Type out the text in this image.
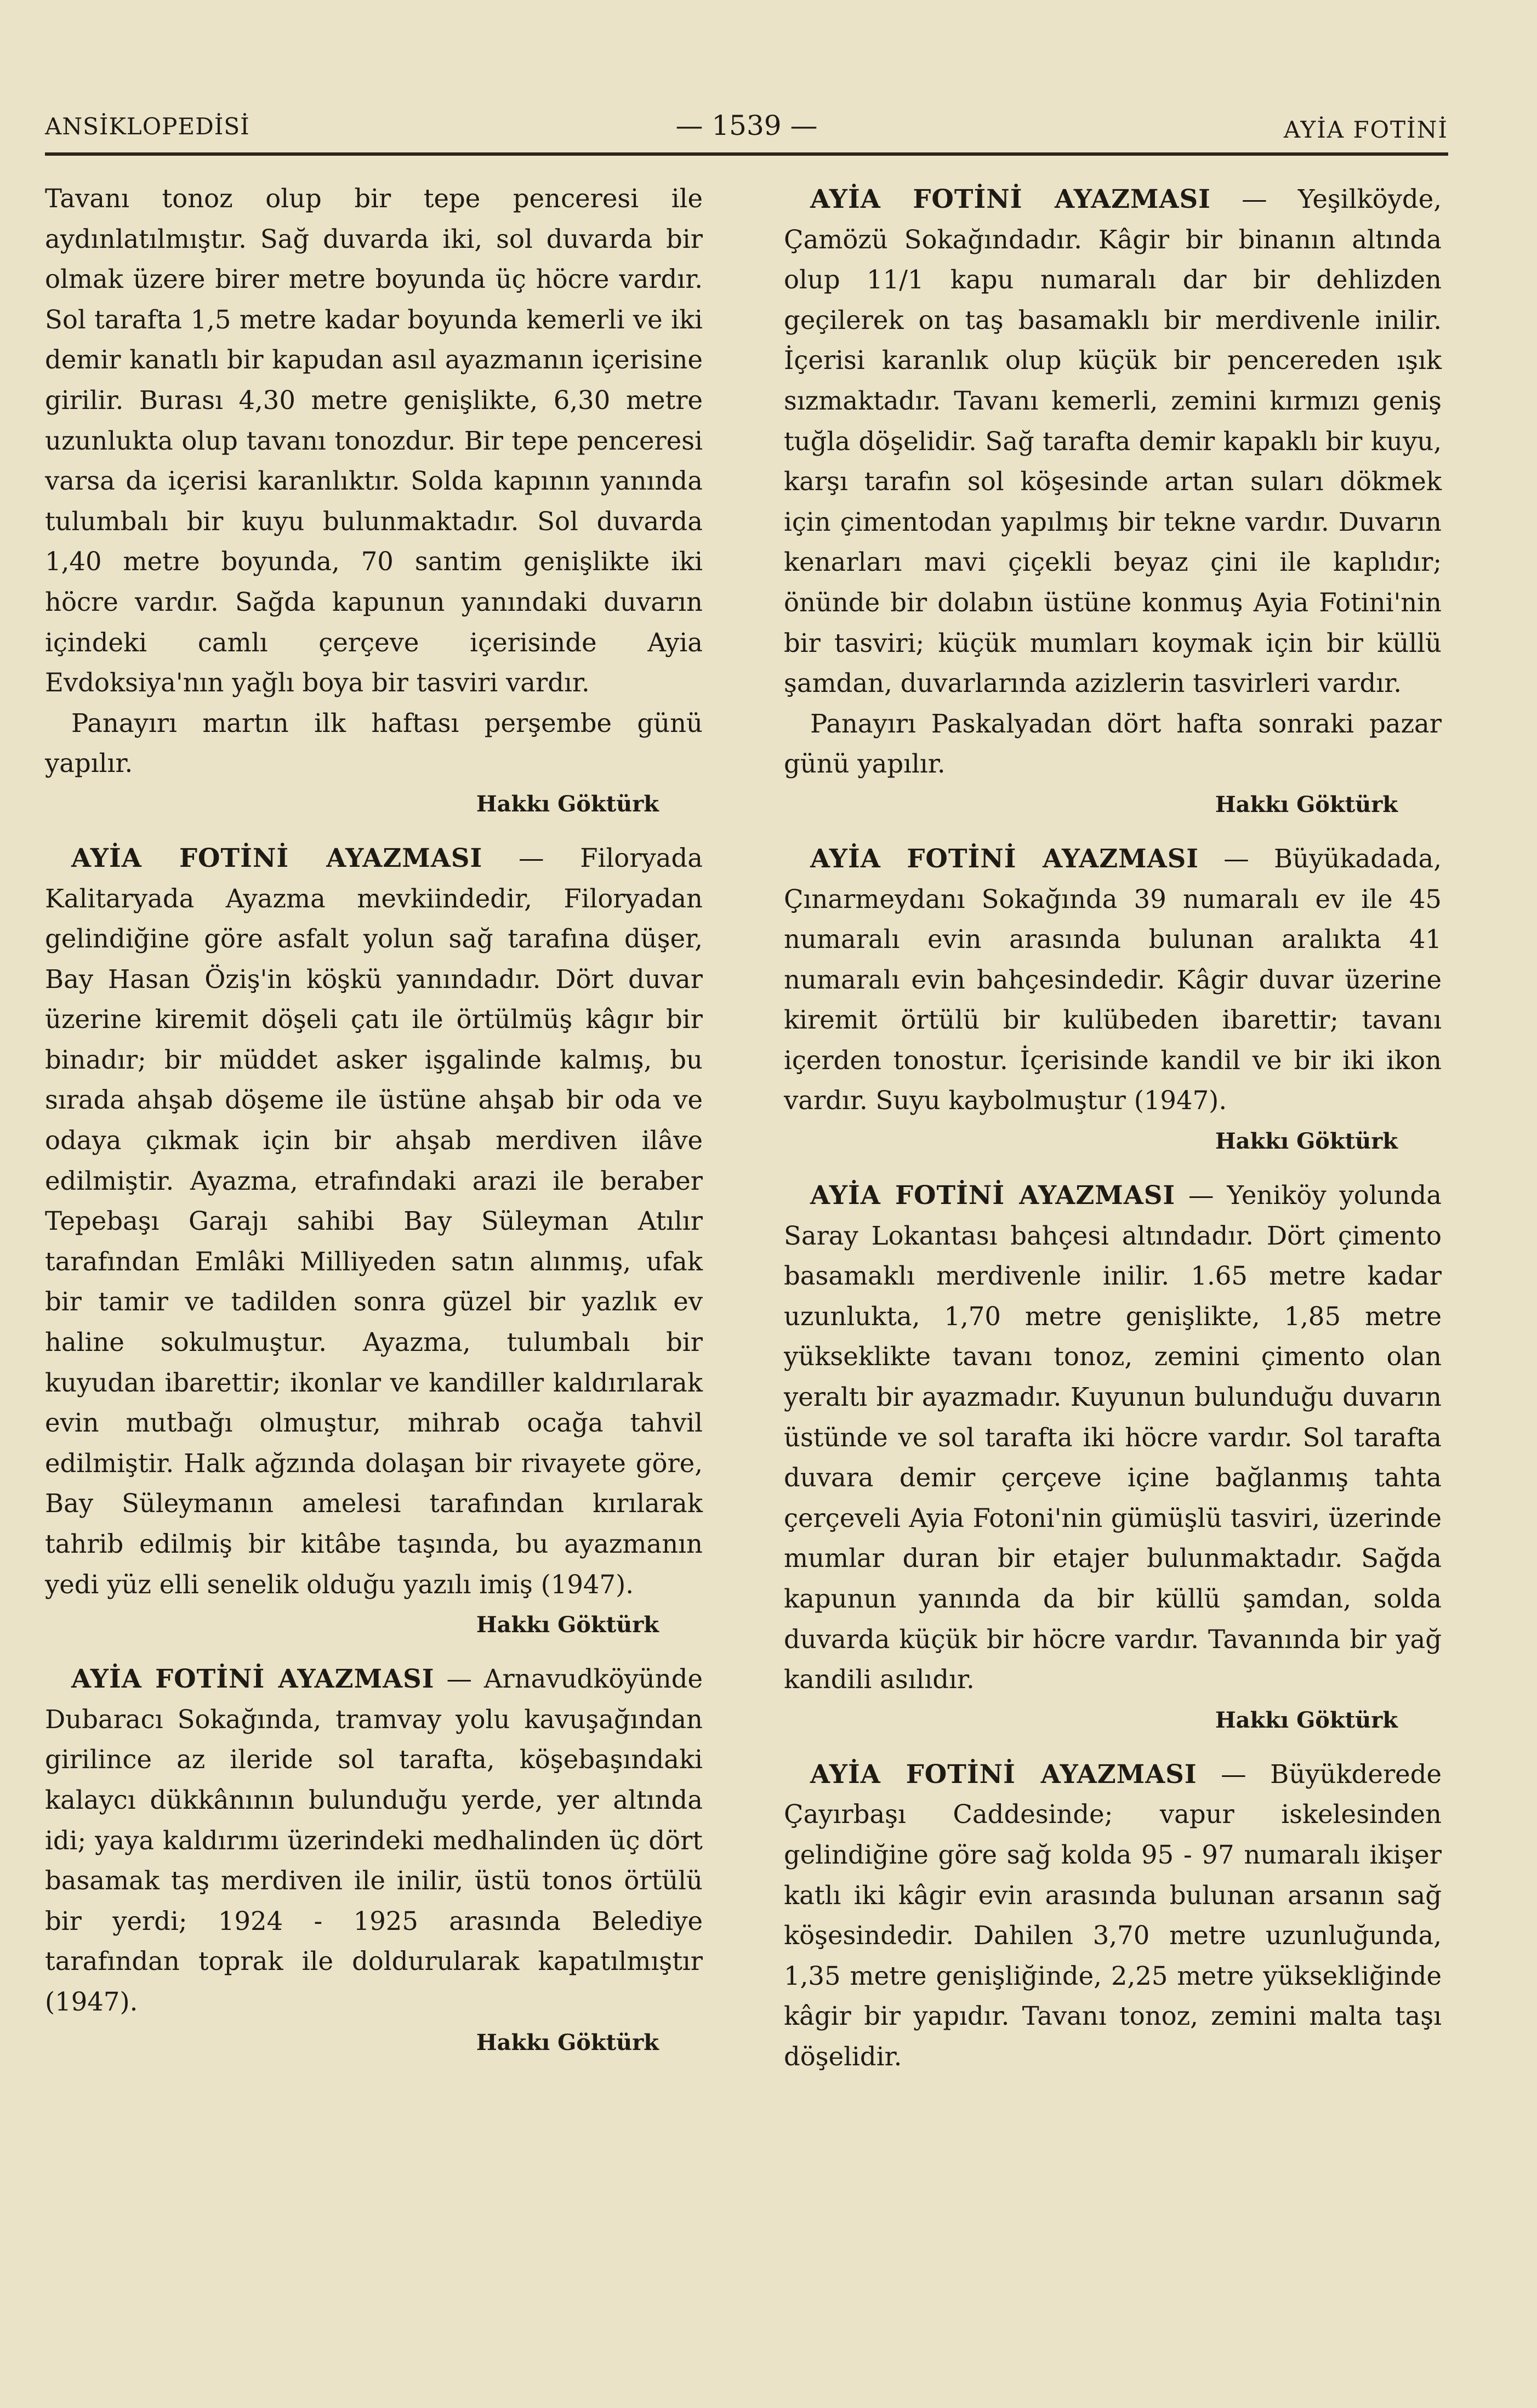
ANSİKLOPEDİSİ	— 1539 —	AYİA FOTİNİ

Tavanı tonoz olup bir tepe penceresi ile aydınlatılmıştır. Sağ duvarda iki, sol duvarda bir olmak üzere birer metre boyunda üç höcre vardır. Sol tarafta 1,5 metre kadar boyunda kemerli ve iki demir kanatlı bir kapudan asıl ayazmanın içerisine girilir. Burası 4,30 metre genişlikte, 6,30 metre uzunlukta olup tavanı tonozdur. Bir tepe penceresi varsa da içerisi karanlıktır. Solda kapının yanında tulumbalı bir kuyu bulunmaktadır. Sol duvarda 1,40 metre boyunda, 70 santim genişlikte iki höcre vardır. Sağda kapunun yanındaki duvarın içindeki camlı çerçeve içerisinde Ayia Evdoksiya'nın yağlı boya bir tasviri vardır.

Panayırı martın ilk haftası perşembe günü yapılır.

Hakkı Göktürk

AYİA FOTİNİ AYAZMASI — Filoryada Kalitaryada Ayazma mevkiindedir, Filoryadan gelindiğine göre asfalt yolun sağ tarafına düşer, Bay Hasan Öziş'in köşkü yanındadır. Dört duvar üzerine kiremit döşeli çatı ile örtülmüş kâgır bir binadır; bir müddet asker işgalinde kalmış, bu sırada ahşab döşeme ile üstüne ahşab bir oda ve odaya çıkmak için bir ahşab merdiven ilâve edilmiştir. Ayazma, etrafındaki arazi ile beraber Tepebaşı Garajı sahibi Bay Süleyman Atılır tarafından Emlâki Milliyeden satın alınmış, ufak bir tamir ve tadilden sonra güzel bir yazlık ev haline sokulmuştur. Ayazma, tulumbalı bir kuyudan ibarettir; ikonlar ve kandiller kaldırılarak evin mutbağı olmuştur, mihrab ocağa tahvil edilmiştir. Halk ağzında dolaşan bir rivayete göre, Bay Süleymanın amelesi tarafından kırılarak tahrib edilmiş bir kitâbe taşında, bu ayazmanın yedi yüz elli senelik olduğu yazılı imiş (1947).

Hakkı Göktürk

AYİA FOTİNİ AYAZMASI — Arnavudköyünde Dubaracı Sokağında, tramvay yolu kavuşağından girilince az ileride sol tarafta, köşebaşındaki kalaycı dükkânının bulunduğu yerde, yer altında idi; yaya kaldırımı üzerindeki medhalinden üç dört basamak taş merdiven ile inilir, üstü tonos örtülü bir yerdi; 1924 - 1925 arasında Belediye tarafından toprak ile doldurularak kapatılmıştır (1947).

Hakkı Göktürk

AYİA FOTİNİ AYAZMASI — Yeşilköyde, Çamözü Sokağındadır. Kâgir bir binanın altında olup 11/1 kapu numaralı dar bir dehlizden geçilerek on taş basamaklı bir merdivenle inilir. İçerisi karanlık olup küçük bir pencereden ışık sızmaktadır. Tavanı kemerli, zemini kırmızı geniş tuğla döşelidir. Sağ tarafta demir kapaklı bir kuyu, karşı tarafın sol köşesinde artan suları dökmek için çimentodan yapılmış bir tekne vardır. Duvarın kenarları mavi çiçekli beyaz çini ile kaplıdır; önünde bir dolabın üstüne konmuş Ayia Fotini'nin bir tasviri; küçük mumları koymak için bir küllü şamdan, duvarlarında azizlerin tasvirleri vardır.

Panayırı Paskalyadan dört hafta sonraki pazar günü yapılır.

Hakkı Göktürk

AYİA FOTİNİ AYAZMASI — Büyükadada, Çınarmeydanı Sokağında 39 numaralı ev ile 45 numaralı evin arasında bulunan aralıkta 41 numaralı evin bahçesindedir. Kâgir duvar üzerine kiremit örtülü bir kulübeden ibarettir; tavanı içerden tonostur. İçerisinde kandil ve bir iki ikon vardır. Suyu kaybolmuştur (1947).

Hakkı Göktürk

AYİA FOTİNİ AYAZMASI — Yeniköy yolunda Saray Lokantası bahçesi altındadır. Dört çimento basamaklı merdivenle inilir. 1.65 metre kadar uzunlukta, 1,70 metre genişlikte, 1,85 metre yükseklikte tavanı tonoz, zemini çimento olan yeraltı bir ayazmadır. Kuyunun bulunduğu duvarın üstünde ve sol tarafta iki höcre vardır. Sol tarafta duvara demir çerçeve içine bağlanmış tahta çerçeveli Ayia Fotoni'nin gümüşlü tasviri, üzerinde mumlar duran bir etajer bulunmaktadır. Sağda kapunun yanında da bir küllü şamdan, solda duvarda küçük bir höcre vardır. Tavanında bir yağ kandili asılıdır.

Hakkı Göktürk

AYİA FOTİNİ AYAZMASI — Büyükderede Çayırbaşı Caddesinde; vapur iskelesinden gelindiğine göre sağ kolda 95 - 97 numaralı ikişer katlı iki kâgir evin arasında bulunan arsanın sağ köşesindedir. Dahilen 3,70 metre uzunluğunda, 1,35 metre genişliğinde, 2,25 metre yüksekliğinde kâgir bir yapıdır. Tavanı tonoz, zemini malta taşı döşelidir.
